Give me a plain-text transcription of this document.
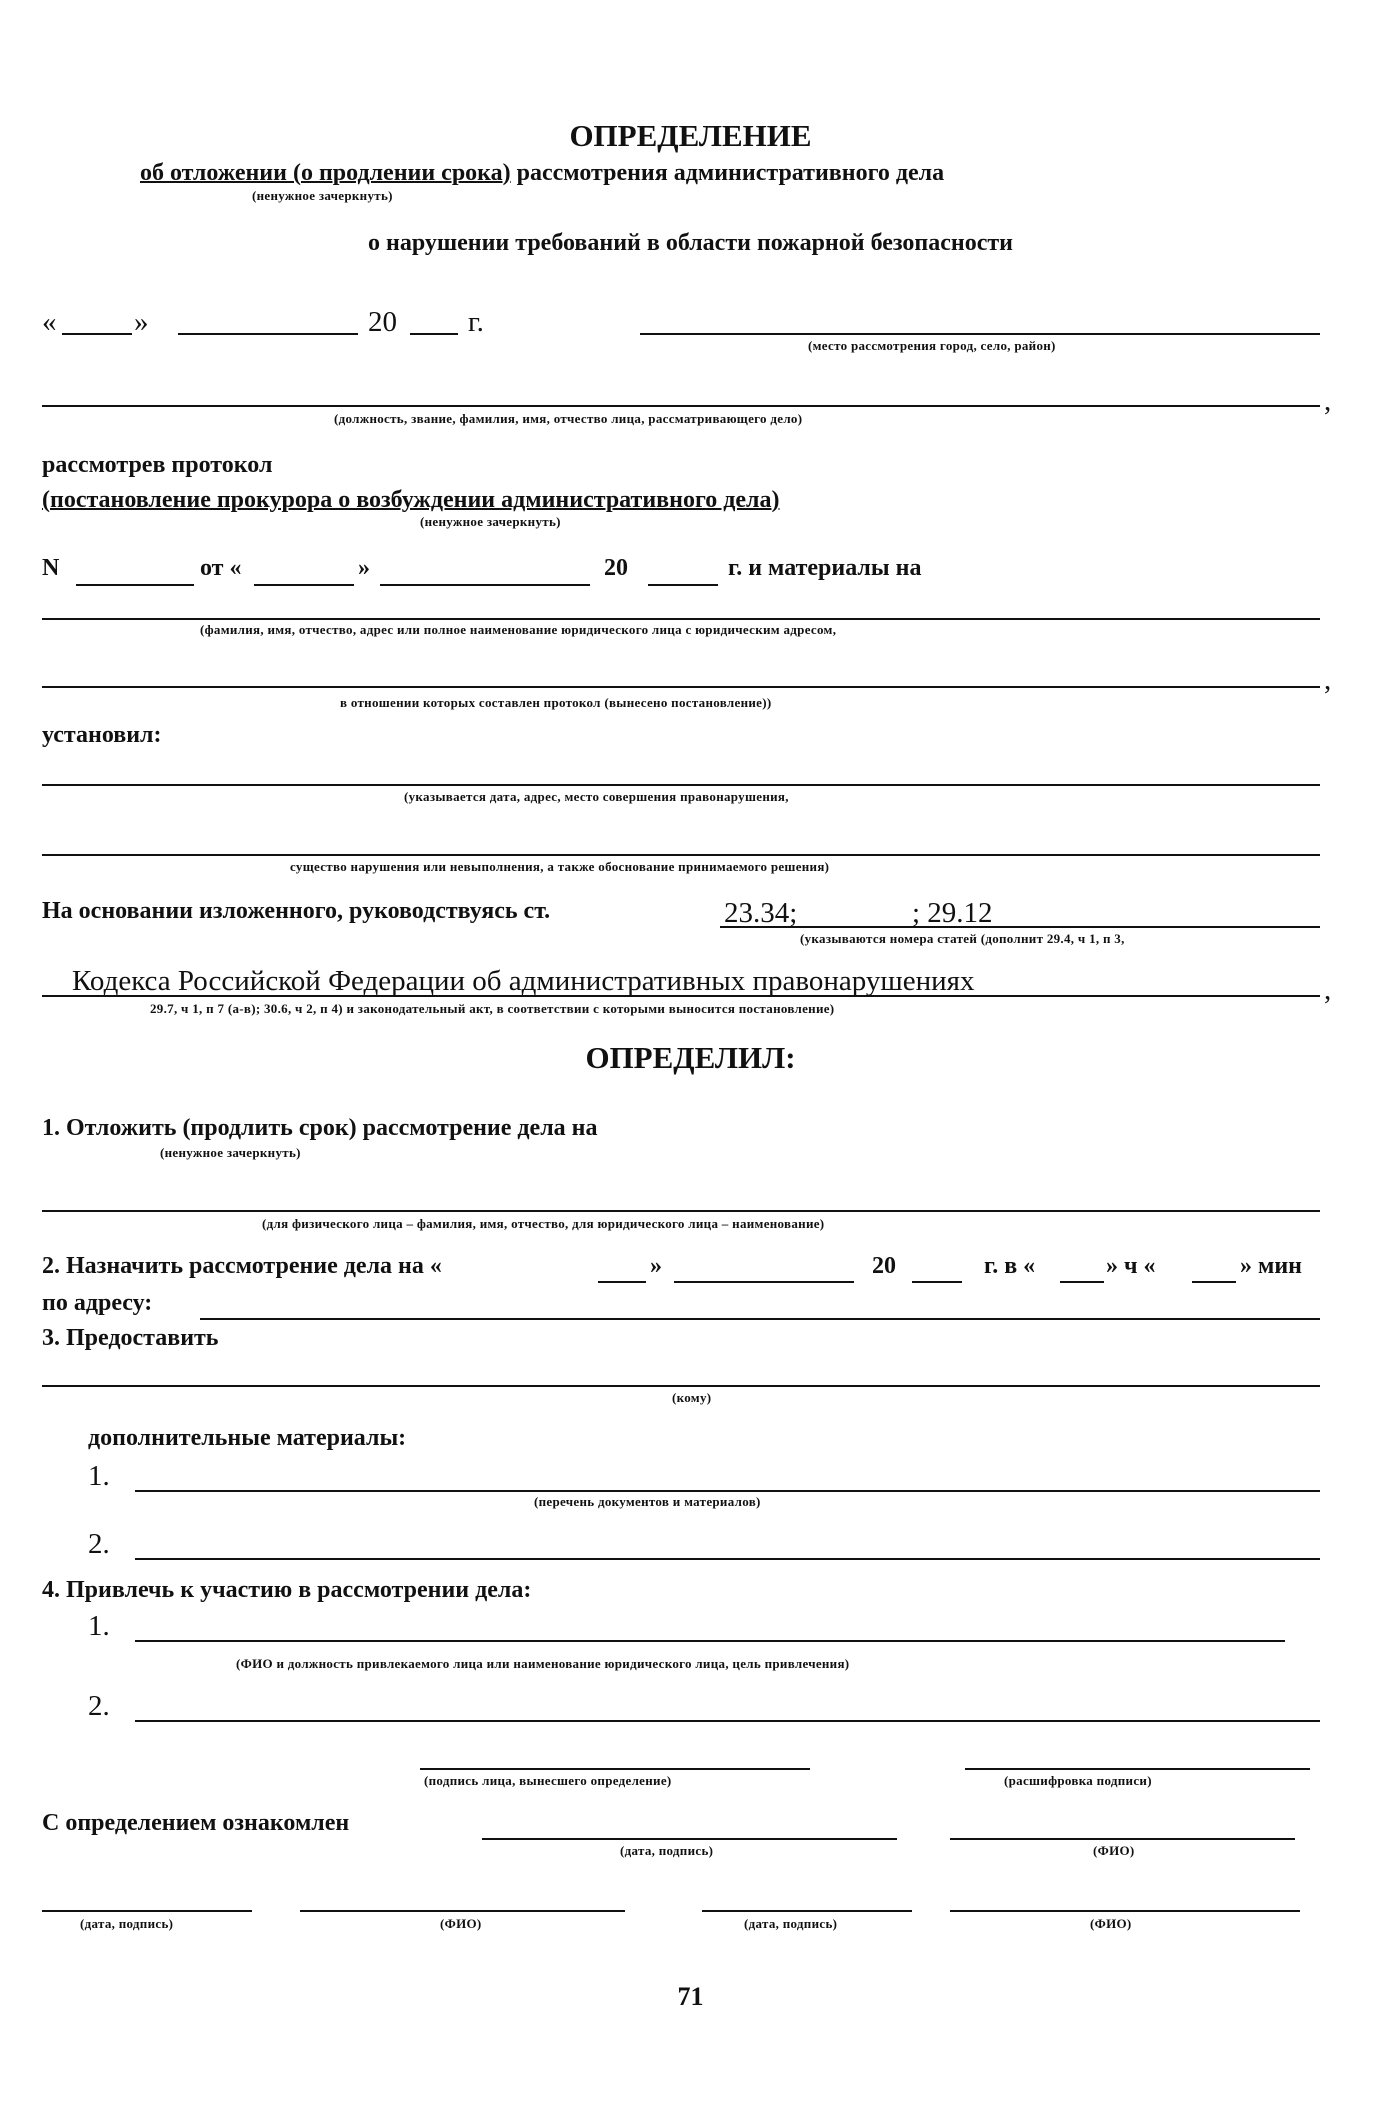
ОПРЕДЕЛЕНИЕ
об отложении (о продлении срока) рассмотрения административного дела
(ненужное зачеркнуть)
о нарушении требований в области пожарной безопасности
«	»	20 г.
(место рассмотрения город, село, район)
,
(должность, звание, фамилия, имя, отчество лица, рассматривающего дело)
рассмотрев протокол
(постановление прокурора о возбуждении административного дела)
(ненужное зачеркнуть)
N	от «	»	20	г. и материалы на
(фамилия, имя, отчество, адрес или полное наименование юридического лица с юридическим адресом,
,
в отношении которых составлен протокол (вынесено постановление))
установил:
(указывается дата, адрес, место совершения правонарушения,
существо нарушения или невыполнения, а также обоснование принимаемого решения)
На основании изложенного, руководствуясь ст.	23.34;	; 29.12
(указываются номера статей (дополнит 29.4, ч 1, п 3,
Кодекса Российской Федерации об административных правонарушениях	,
29.7, ч 1, п 7 (а-в); 30.6, ч 2, п 4) и законодательный акт, в соответствии с которыми выносится постановление)
ОПРЕДЕЛИЛ:
1. Отложить (продлить срок) рассмотрение дела на
(ненужное зачеркнуть)
(для физического лица – фамилия, имя, отчество, для юридического лица – наименование)
2. Назначить рассмотрение дела на «	»	20	г. в «	» ч «	» мин
по адресу:
3. Предоставить
(кому)
дополнительные материалы:
1.
(перечень документов и материалов)
2.
4. Привлечь к участию в рассмотрении дела:
1.
(ФИО и должность привлекаемого лица или наименование юридического лица, цель привлечения)
2.
(подпись лица, вынесшего определение)	(расшифровка подписи)
С определением ознакомлен
(дата, подпись)	(ФИО)
(дата, подпись)	(ФИО)	(дата, подпись)	(ФИО)
71
